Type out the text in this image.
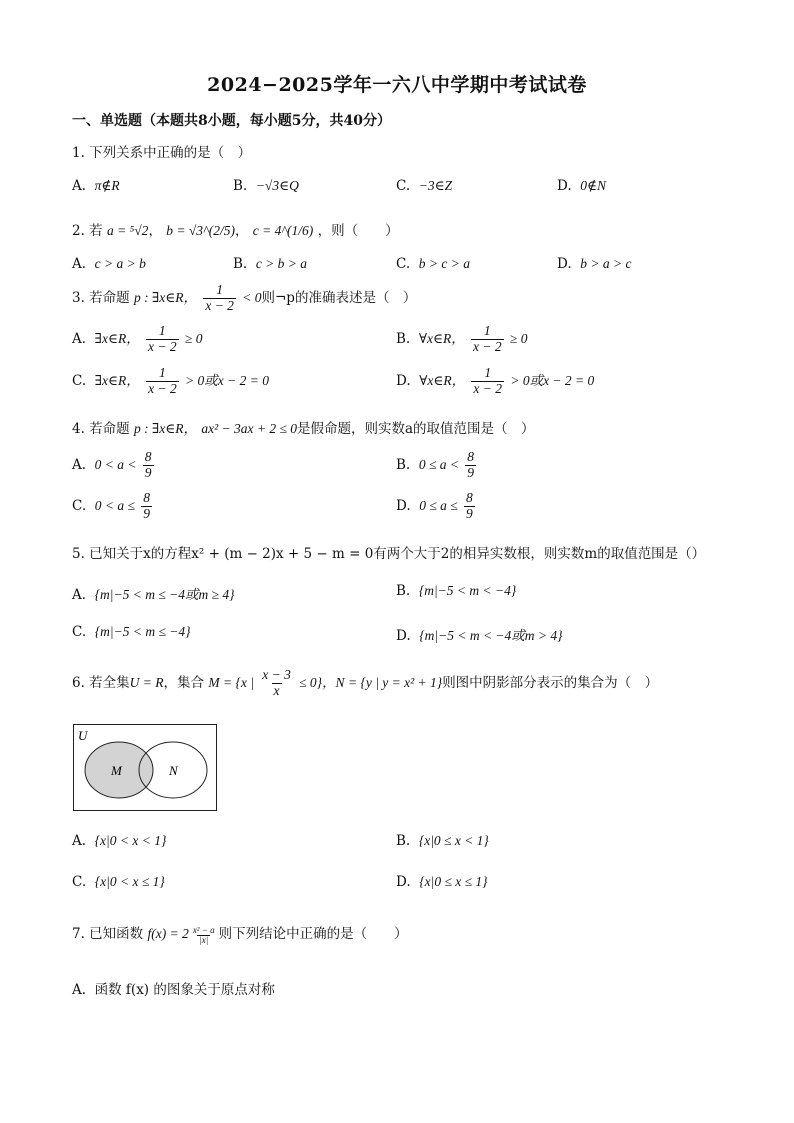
2024−2025学年一六八中学期中考试试卷
一、单选题（本题共8小题，每小题5分，共40分）
1. 下列关系中正确的是（　）
A. π∉R	B. −√3∈Q	C. −3∈Z	D. 0∉N
2. 若 a = ⁵√2， b = √3^(2/5)， c = 4^(1/6) ，则（　　）
A. c > a > b	B. c > b > a	C. b > c > a	D. b > a > c
3. 若命题 p : ∃x∈R， $\frac{1}{x - 2} < 0$则¬p的准确表述是（　）
A. ∃x∈R， $\frac{1}{x - 2} \ge 0$	B. ∀x∈R， $\frac{1}{x - 2} \ge 0$
C. ∃x∈R， $\frac{1}{x - 2} > 0$或x − 2 = 0	D. ∀x∈R， $\frac{1}{x - 2} > 0$或x − 2 = 0
4. 若命题 p : ∃x∈R， ax² − 3ax + 2 ≤ 0是假命题，则实数a的取值范围是（　）
A. $0 < a < \frac{8}{9}$	B. $0 \le a < \frac{8}{9}$
C. $0 < a \le \frac{8}{9}$	D. $0 \le a \le \frac{8}{9}$
5. 已知关于x的方程x² + (m − 2)x + 5 − m = 0有两个大于2的相异实数根，则实数m的取值范围是（）
A. {m|−5 < m ≤ −4或m ≥ 4}	B. {m|−5 < m < −4}
C. {m|−5 < m ≤ −4}	D. {m|−5 < m < −4或m > 4}
6. 若全集U = R，集合 M = {x | $\frac{x - 3}{x} \le 0$}，N = {y | y = x² + 1}则图中阴影部分表示的集合为（　）
U
M	N
A. {x|0 < x < 1}	B. {x|0 ≤ x < 1}
C. {x|0 < x ≤ 1}	D. {x|0 ≤ x ≤ 1}
7. 已知函数 $f(x) = 2 \frac{\text{x² − a}}{|x|}$ 则下列结论中正确的是（　　）
A. 函数 f(x) 的图象关于原点对称
